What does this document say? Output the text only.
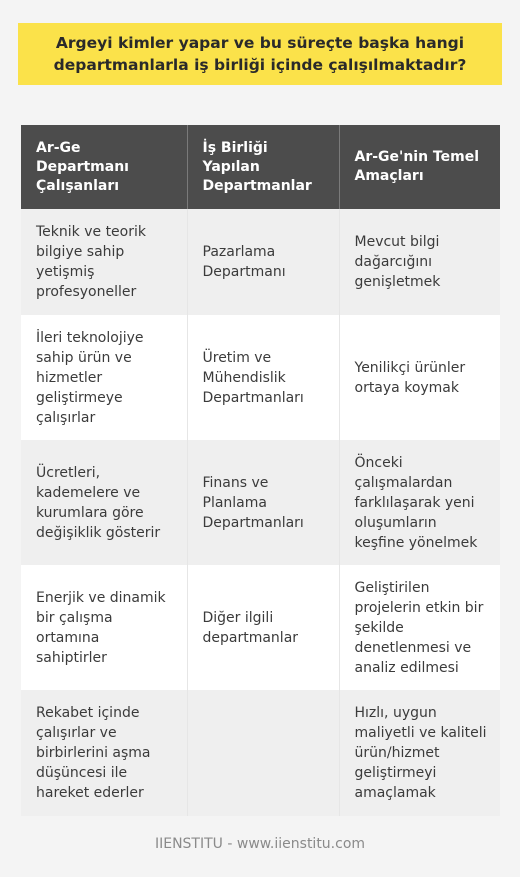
Argeyi kimler yapar ve bu süreçte başka hangi departmanlarla iş birliği içinde çalışılmaktadır?
Ar-Ge Departmanı Çalışanları	İş Birliği Yapılan Departmanlar	Ar-Ge'nin Temel Amaçları
Teknik ve teorik bilgiye sahip yetişmiş profesyoneller	Pazarlama Departmanı	Mevcut bilgi dağarcığını genişletmek
İleri teknolojiye sahip ürün ve hizmetler geliştirmeye çalışırlar	Üretim ve Mühendislik Departmanları	Yenilikçi ürünler ortaya koymak
Ücretleri, kademelere ve kurumlara göre değişiklik gösterir	Finans ve Planlama Departmanları	Önceki çalışmalardan farklılaşarak yeni oluşumların keşfine yönelmek
Enerjik ve dinamik bir çalışma ortamına sahiptirler	Diğer ilgili departmanlar	Geliştirilen projelerin etkin bir şekilde denetlenmesi ve analiz edilmesi
Rekabet içinde çalışırlar ve birbirlerini aşma düşüncesi ile hareket ederler		Hızlı, uygun maliyetli ve kaliteli ürün/hizmet geliştirmeyi amaçlamak
IIENSTITU - www.iienstitu.com
